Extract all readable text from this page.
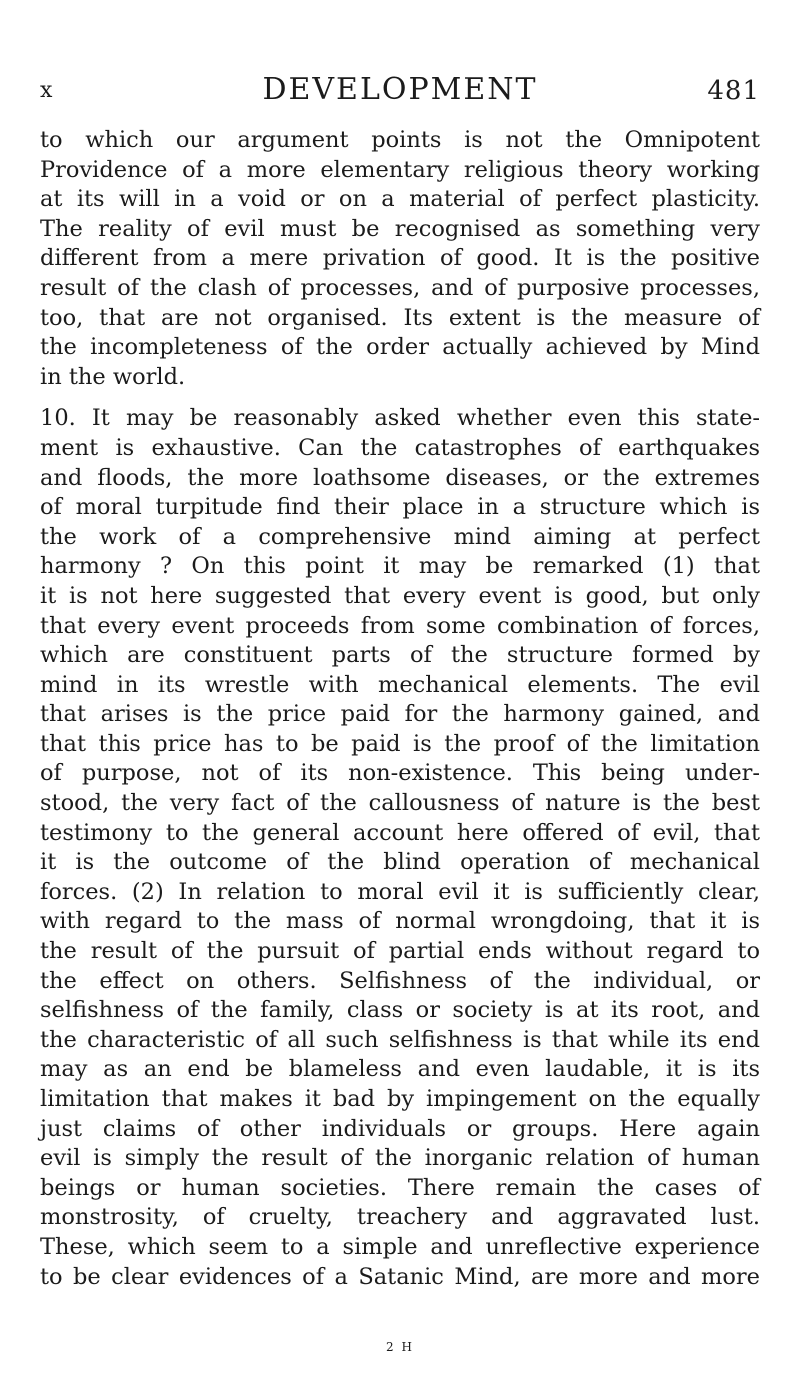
x	DEVELOPMENT	481
to which our argument points is not the Omnipotent
Providence of a more elementary religious theory working
at its will in a void or on a material of perfect plasticity.
The reality of evil must be recognised as something very
different from a mere privation of good. It is the positive
result of the clash of processes, and of purposive processes,
too, that are not organised. Its extent is the measure of
the incompleteness of the order actually achieved by Mind
in the world.
10. It may be reasonably asked whether even this state-
ment is exhaustive. Can the catastrophes of earthquakes
and floods, the more loathsome diseases, or the extremes
of moral turpitude find their place in a structure which is
the work of a comprehensive mind aiming at perfect
harmony ? On this point it may be remarked (1) that
it is not here suggested that every event is good, but only
that every event proceeds from some combination of forces,
which are constituent parts of the structure formed by
mind in its wrestle with mechanical elements. The evil
that arises is the price paid for the harmony gained, and
that this price has to be paid is the proof of the limitation
of purpose, not of its non-existence. This being under-
stood, the very fact of the callousness of nature is the best
testimony to the general account here offered of evil, that
it is the outcome of the blind operation of mechanical
forces. (2) In relation to moral evil it is sufficiently clear,
with regard to the mass of normal wrongdoing, that it is
the result of the pursuit of partial ends without regard to
the effect on others. Selfishness of the individual, or
selfishness of the family, class or society is at its root, and
the characteristic of all such selfishness is that while its end
may as an end be blameless and even laudable, it is its
limitation that makes it bad by impingement on the equally
just claims of other individuals or groups. Here again
evil is simply the result of the inorganic relation of human
beings or human societies. There remain the cases of
monstrosity, of cruelty, treachery and aggravated lust.
These, which seem to a simple and unreflective experience
to be clear evidences of a Satanic Mind, are more and more
2 H
